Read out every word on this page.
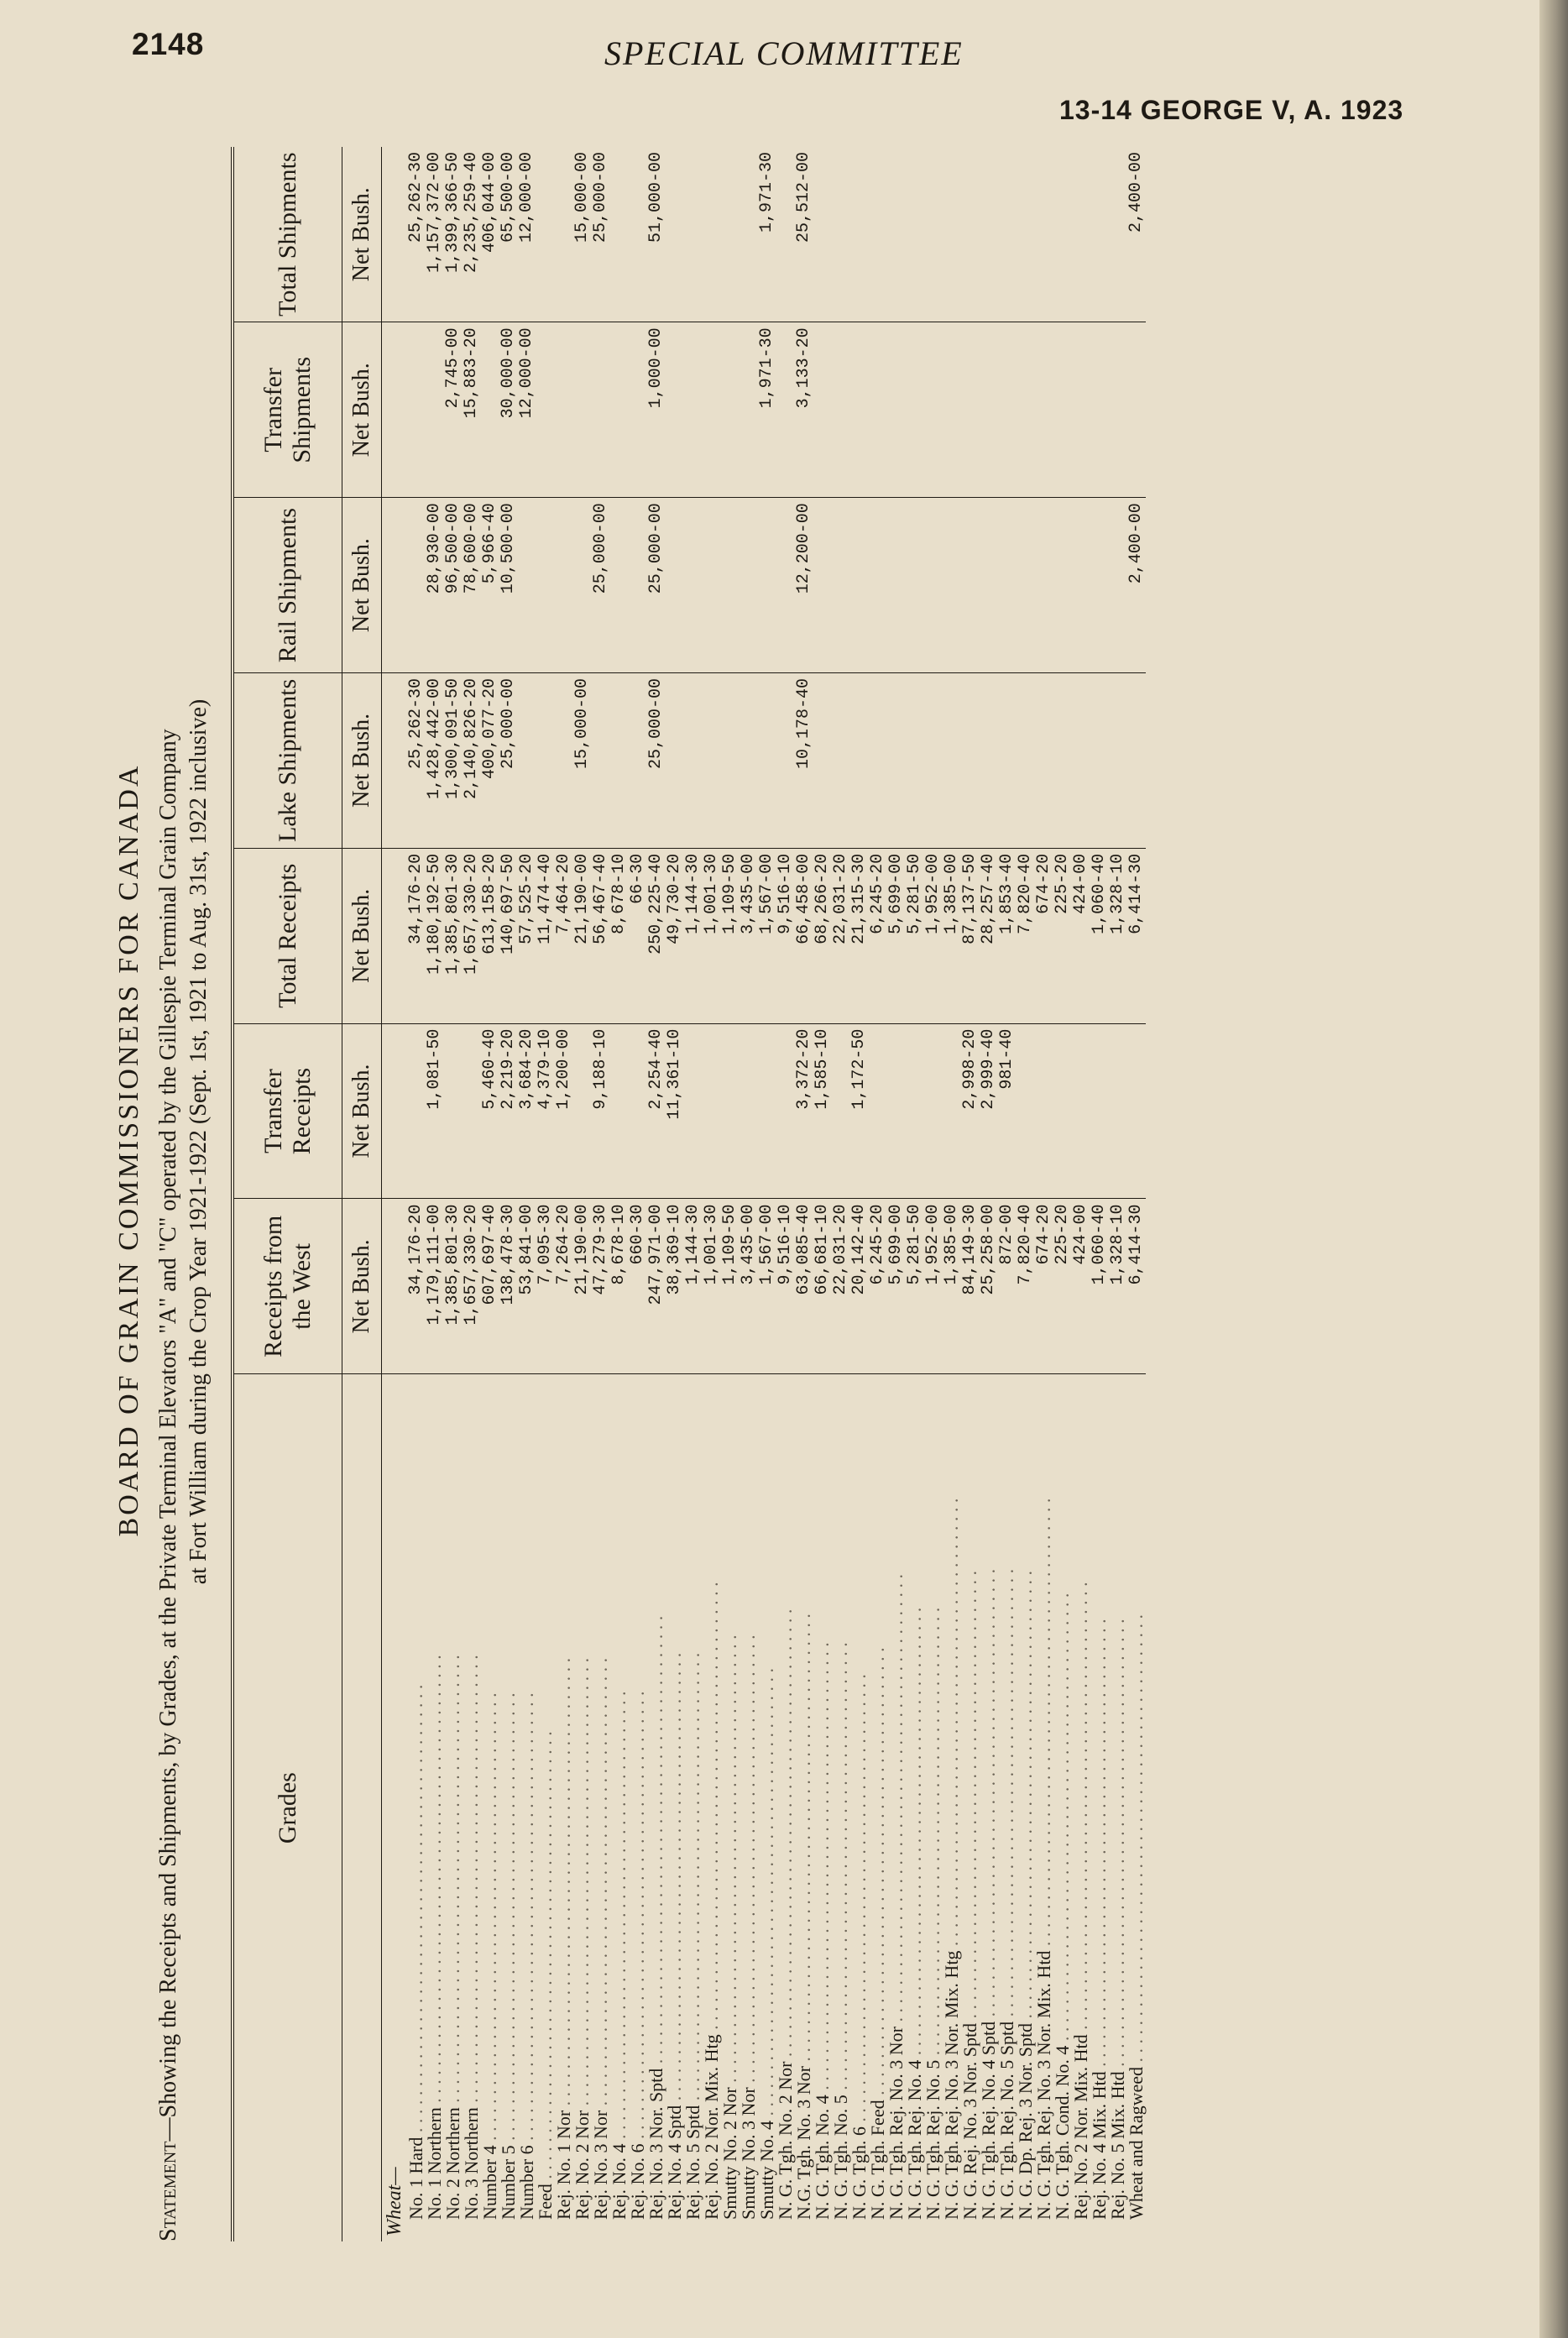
2148	SPECIAL COMMITTEE
13-14 GEORGE V, A. 1923
BOARD OF GRAIN COMMISSIONERS FOR CANADA
Statement—Showing the Receipts and Shipments, by Grades, at the Private Terminal Elevators "A" and "C" operated by the Gillespie Terminal Grain Company at Fort William during the Crop Year 1921-1922 (Sept. 1st, 1921 to Aug. 31st, 1922 inclusive)
Grades	Receipts from the West	Transfer Receipts	Total Receipts	Lake Shipments	Rail Shipments	Transfer Shipments	Total Shipments
	Net Bush.	Net Bush.	Net Bush.	Net Bush.	Net Bush.	Net Bush.	Net Bush.
Wheat—							
No. 1 Hard . . . . . . . . . . . . . . . . . . . . . . . . . . . . . . . . . . . . . . . . . . . . . . . . .	34,176-20		34,176-20	25,262-30			25,262-30
No. 1 Northern . . . . . . . . . . . . . . . . . . . . . . . . . . . . . . . . . . . . . . . . . . . . . . . . .	1,179,111-00	1,081-50	1,180,192-50	1,428,442-00	28,930-00		1,157,372-00
No. 2 Northern . . . . . . . . . . . . . . . . . . . . . . . . . . . . . . . . . . . . . . . . . . . . . . . . .	1,385,801-30		1,385,801-30	1,300,091-50	96,500-00	2,745-00	1,399,366-50
No. 3 Northern . . . . . . . . . . . . . . . . . . . . . . . . . . . . . . . . . . . . . . . . . . . . . . . . .	1,657,330-20		1,657,330-20	2,140,826-20	78,600-00	15,883-20	2,235,259-40
Number 4 . . . . . . . . . . . . . . . . . . . . . . . . . . . . . . . . . . . . . . . . . . . . . . . . .	607,697-40	5,460-40	613,158-20	400,077-20	5,966-40		406,044-00
Number 5 . . . . . . . . . . . . . . . . . . . . . . . . . . . . . . . . . . . . . . . . . . . . . . . . .	138,478-30	2,219-20	140,697-50	25,000-00	10,500-00	30,000-00	65,500-00
Number 6 . . . . . . . . . . . . . . . . . . . . . . . . . . . . . . . . . . . . . . . . . . . . . . . . .	53,841-00	3,684-20	57,525-20			12,000-00	12,000-00
Feed . . . . . . . . . . . . . . . . . . . . . . . . . . . . . . . . . . . . . . . . . . . . . . . . .	7,095-30	4,379-10	11,474-40				
Rej. No. 1 Nor . . . . . . . . . . . . . . . . . . . . . . . . . . . . . . . . . . . . . . . . . . . . . . . . .	7,264-20	1,200-00	7,464-20				
Rej. No. 2 Nor . . . . . . . . . . . . . . . . . . . . . . . . . . . . . . . . . . . . . . . . . . . . . . . . .	21,190-00		21,190-00	15,000-00			15,000-00
Rej. No. 3 Nor . . . . . . . . . . . . . . . . . . . . . . . . . . . . . . . . . . . . . . . . . . . . . . . . .	47,279-30	9,188-10	56,467-40		25,000-00		25,000-00
Rej. No. 4 . . . . . . . . . . . . . . . . . . . . . . . . . . . . . . . . . . . . . . . . . . . . . . . . .	8,678-10		8,678-10				
Rej. No. 6 . . . . . . . . . . . . . . . . . . . . . . . . . . . . . . . . . . . . . . . . . . . . . . . . .	660-30		66-30				
Rej. No. 3 Nor. Sptd . . . . . . . . . . . . . . . . . . . . . . . . . . . . . . . . . . . . . . . . . . . . . . . . .	247,971-00	2,254-40	250,225-40	25,000-00	25,000-00	1,000-00	51,000-00
Rej. No. 4 Sptd . . . . . . . . . . . . . . . . . . . . . . . . . . . . . . . . . . . . . . . . . . . . . . . . .	38,369-10	11,361-10	49,730-20				
Rej. No. 5 Sptd . . . . . . . . . . . . . . . . . . . . . . . . . . . . . . . . . . . . . . . . . . . . . . . . .	1,144-30		1,144-30				
Rej. No. 2 Nor. Mix. Htg . . . . . . . . . . . . . . . . . . . . . . . . . . . . . . . . . . . . . . . . . . . . . . . . .	1,001-30		1,001-30				
Smutty No. 2 Nor . . . . . . . . . . . . . . . . . . . . . . . . . . . . . . . . . . . . . . . . . . . . . . . . .	1,109-50		1,109-50				
Smutty No. 3 Nor . . . . . . . . . . . . . . . . . . . . . . . . . . . . . . . . . . . . . . . . . . . . . . . . .	3,435-00		3,435-00				
Smutty No. 4 . . . . . . . . . . . . . . . . . . . . . . . . . . . . . . . . . . . . . . . . . . . . . . . . .	1,567-00		1,567-00			1,971-30	1,971-30
N. G. Tgh. No. 2 Nor . . . . . . . . . . . . . . . . . . . . . . . . . . . . . . . . . . . . . . . . . . . . . . . . .	9,516-10		9,516-10				
N.G. Tgh. No. 3 Nor . . . . . . . . . . . . . . . . . . . . . . . . . . . . . . . . . . . . . . . . . . . . . . . . .	63,085-40	3,372-20	66,458-00	10,178-40	12,200-00	3,133-20	25,512-00
N. G. Tgh. No. 4 . . . . . . . . . . . . . . . . . . . . . . . . . . . . . . . . . . . . . . . . . . . . . . . . .	66,681-10	1,585-10	68,266-20				
N. G. Tgh. No. 5 . . . . . . . . . . . . . . . . . . . . . . . . . . . . . . . . . . . . . . . . . . . . . . . . .	22,031-20		22,031-20				
N. G. Tgh. 6 . . . . . . . . . . . . . . . . . . . . . . . . . . . . . . . . . . . . . . . . . . . . . . . . .	20,142-40	1,172-50	21,315-30				
N. G. Tgh. Feed . . . . . . . . . . . . . . . . . . . . . . . . . . . . . . . . . . . . . . . . . . . . . . . . .	6,245-20		6,245-20				
N. G. Tgh. Rej. No. 3 Nor . . . . . . . . . . . . . . . . . . . . . . . . . . . . . . . . . . . . . . . . . . . . . . . . .	5,699-00		5,699-00				
N. G. Tgh. Rej. No. 4 . . . . . . . . . . . . . . . . . . . . . . . . . . . . . . . . . . . . . . . . . . . . . . . . .	5,281-50		5,281-50				
N. G. Tgh. Rej. No. 5 . . . . . . . . . . . . . . . . . . . . . . . . . . . . . . . . . . . . . . . . . . . . . . . . .	1,952-00		1,952-00				
N. G. Tgh. Rej. No. 3 Nor. Mix. Htg . . . . . . . . . . . . . . . . . . . . . . . . . . . . . . . . . . . . . . . . . . . . . . . . .	1,385-00		1,385-00				
N. G. Rej. No. 3 Nor. Sptd . . . . . . . . . . . . . . . . . . . . . . . . . . . . . . . . . . . . . . . . . . . . . . . . .	84,149-30	2,998-20	87,137-50				
N. G. Tgh. Rej. No. 4 Sptd . . . . . . . . . . . . . . . . . . . . . . . . . . . . . . . . . . . . . . . . . . . . . . . . .	25,258-00	2,999-40	28,257-40				
N. G. Tgh. Rej. No. 5 Sptd . . . . . . . . . . . . . . . . . . . . . . . . . . . . . . . . . . . . . . . . . . . . . . . . .	872-00	981-40	1,853-40				
N. G. Dp. Rej. 3 Nor. Sptd . . . . . . . . . . . . . . . . . . . . . . . . . . . . . . . . . . . . . . . . . . . . . . . . .	7,820-40		7,820-40				
N. G. Tgh. Rej. No. 3 Nor. Mix. Htd . . . . . . . . . . . . . . . . . . . . . . . . . . . . . . . . . . . . . . . . . . . . . . . . .	674-20		674-20				
N. G. Tgh. Cond. No. 4 . . . . . . . . . . . . . . . . . . . . . . . . . . . . . . . . . . . . . . . . . . . . . . . . .	225-20		225-20				
Rej. No. 2 Nor. Mix. Htd . . . . . . . . . . . . . . . . . . . . . . . . . . . . . . . . . . . . . . . . . . . . . . . . .	424-00		424-00				
Rej. No. 4 Mix. Htd . . . . . . . . . . . . . . . . . . . . . . . . . . . . . . . . . . . . . . . . . . . . . . . . .	1,060-40		1,060-40				
Rej. No. 5 Mix. Htd . . . . . . . . . . . . . . . . . . . . . . . . . . . . . . . . . . . . . . . . . . . . . . . . .	1,328-10		1,328-10				
Wheat and Ragweed . . . . . . . . . . . . . . . . . . . . . . . . . . . . . . . . . . . . . . . . . . . . . . . . .	6,414-30		6,414-30		2,400-00		2,400-00
